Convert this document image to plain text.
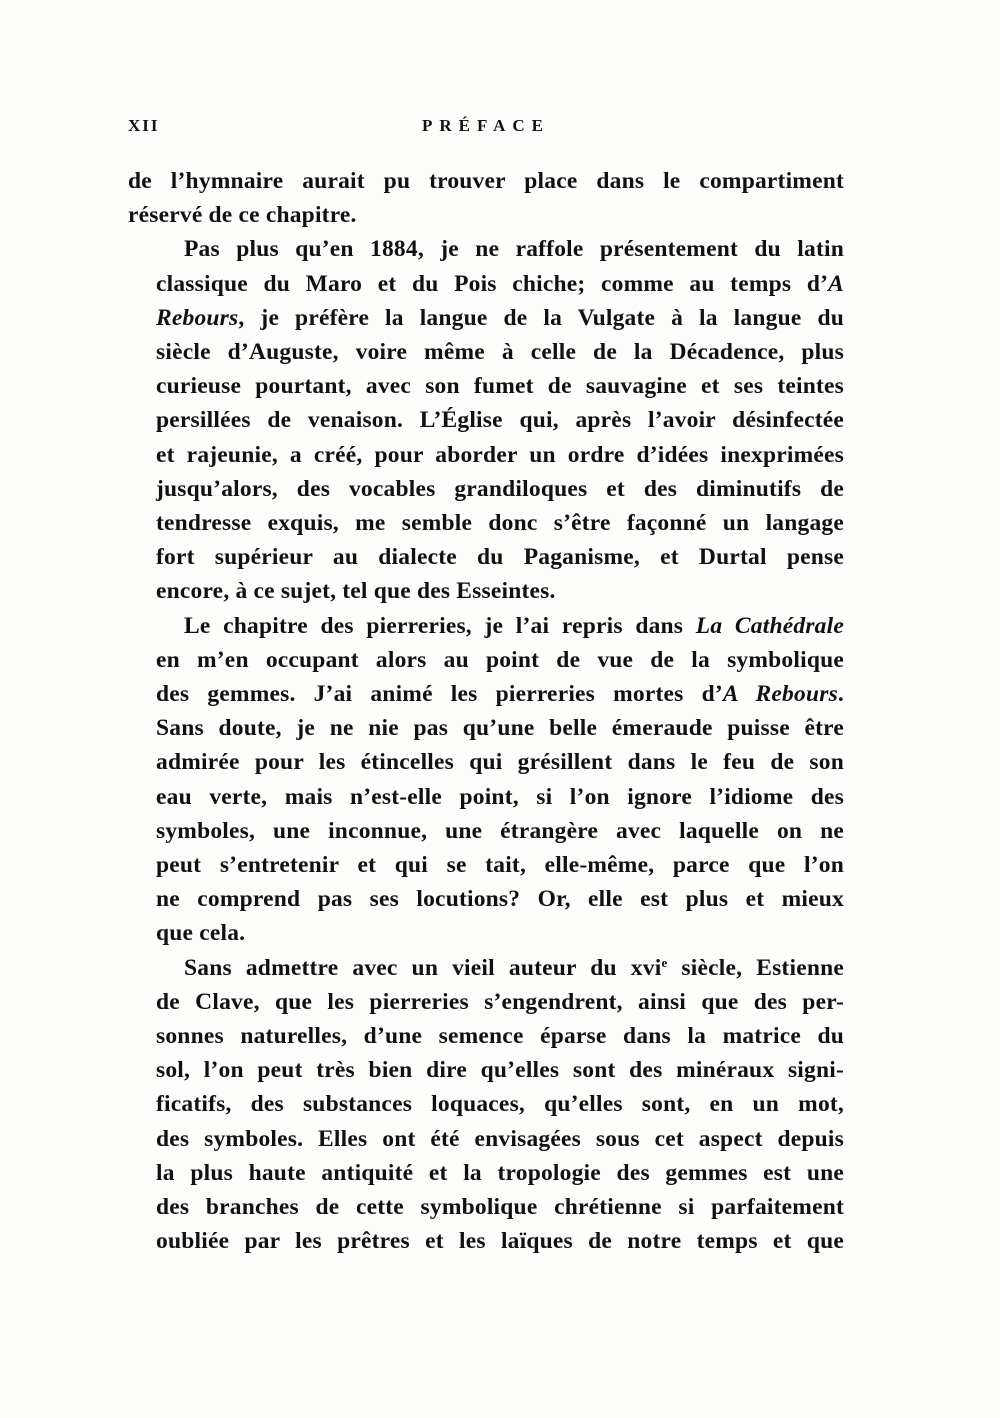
XII	PRÉFACE
de l’hymnaire aurait pu trouver place dans le compartiment
réservé de ce chapitre.
Pas plus qu’en 1884, je ne raffole présentement du latin
classique du Maro et du Pois chiche; comme au temps d’A
Rebours, je préfère la langue de la Vulgate à la langue du
siècle d’Auguste, voire même à celle de la Décadence, plus
curieuse pourtant, avec son fumet de sauvagine et ses teintes
persillées de venaison. L’Église qui, après l’avoir désinfectée
et rajeunie, a créé, pour aborder un ordre d’idées inexprimées
jusqu’alors, des vocables grandiloques et des diminutifs de
tendresse exquis, me semble donc s’être façonné un langage
fort supérieur au dialecte du Paganisme, et Durtal pense
encore, à ce sujet, tel que des Esseintes.
Le chapitre des pierreries, je l’ai repris dans La Cathédrale
en m’en occupant alors au point de vue de la symbolique
des gemmes. J’ai animé les pierreries mortes d’A Rebours.
Sans doute, je ne nie pas qu’une belle émeraude puisse être
admirée pour les étincelles qui grésillent dans le feu de son
eau verte, mais n’est-elle point, si l’on ignore l’idiome des
symboles, une inconnue, une étrangère avec laquelle on ne
peut s’entretenir et qui se tait, elle-même, parce que l’on
ne comprend pas ses locutions? Or, elle est plus et mieux
que cela.
Sans admettre avec un vieil auteur du xvi$^e$ siècle, Estienne
de Clave, que les pierreries s’engendrent, ainsi que des per-
sonnes naturelles, d’une semence éparse dans la matrice du
sol, l’on peut très bien dire qu’elles sont des minéraux signi-
ficatifs, des substances loquaces, qu’elles sont, en un mot,
des symboles. Elles ont été envisagées sous cet aspect depuis
la plus haute antiquité et la tropologie des gemmes est une
des branches de cette symbolique chrétienne si parfaitement
oubliée par les prêtres et les laïques de notre temps et que
